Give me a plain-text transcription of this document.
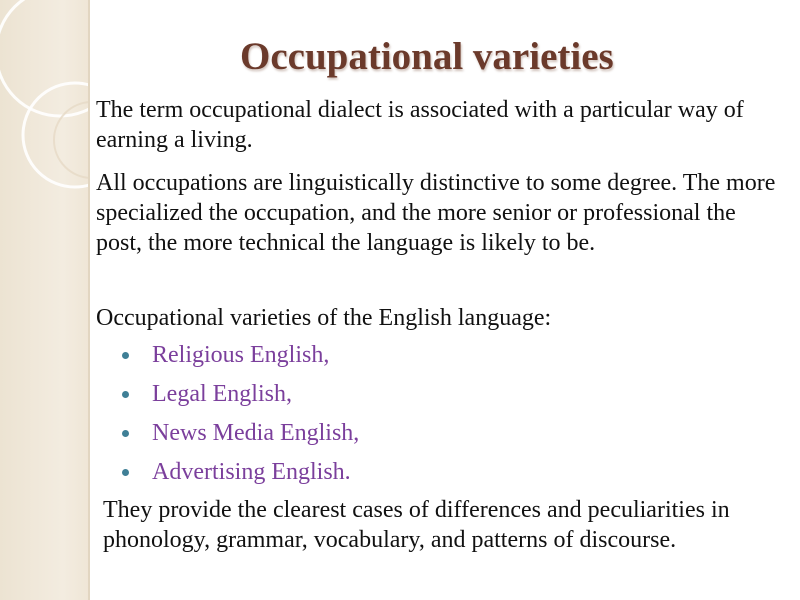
Occupational varieties
The term occupational dialect is associated with a particular way of earning a living.
All occupations are linguistically distinctive to some degree. The more specialized the occupation, and the more senior or professional the post, the more technical the language is likely to be.
Occupational varieties of the English language:
Religious English,
Legal English,
News Media English,
Advertising English.
They provide the clearest cases of differences and peculiarities in phonology, grammar, vocabulary, and patterns of discourse.
